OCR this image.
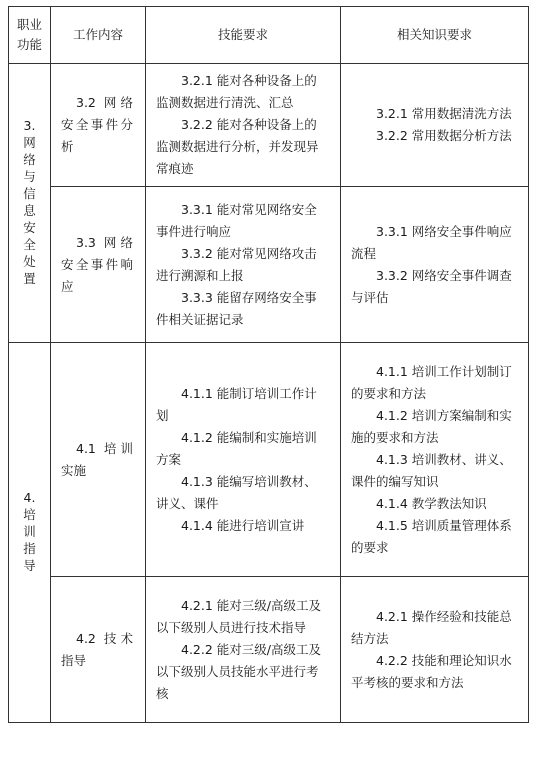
职业功能	工作内容	技能要求	相关知识要求
3. 网络与信息安全处置	3.2 网络安全事件分析	3.2.1 能对各种设备上的监测数据进行清洗、汇总
3.2.2 能对各种设备上的监测数据进行分析，并发现异常痕迹	3.2.1 常用数据清洗方法
3.2.2 常用数据分析方法

	3.3 网络安全事件响应	3.3.1 能对常见网络安全事件进行响应
3.3.2 能对常见网络攻击进行溯源和上报
3.3.3 能留存网络安全事件相关证据记录	3.3.1 网络安全事件响应流程
3.3.2 网络安全事件调查与评估

4. 培训指导	4.1 培训实施	4.1.1 能制订培训工作计划
4.1.2 能编制和实施培训方案
4.1.3 能编写培训教材、讲义、课件
4.1.4 能进行培训宣讲	4.1.1 培训工作计划制订的要求和方法
4.1.2 培训方案编制和实施的要求和方法
4.1.3 培训教材、讲义、课件的编写知识
4.1.4 教学教法知识
4.1.5 培训质量管理体系的要求

	4.2 技术指导	4.2.1 能对三级/高级工及以下级别人员进行技术指导
4.2.2 能对三级/高级工及以下级别人员技能水平进行考核	4.2.1 操作经验和技能总结方法
4.2.2 技能和理论知识水平考核的要求和方法
